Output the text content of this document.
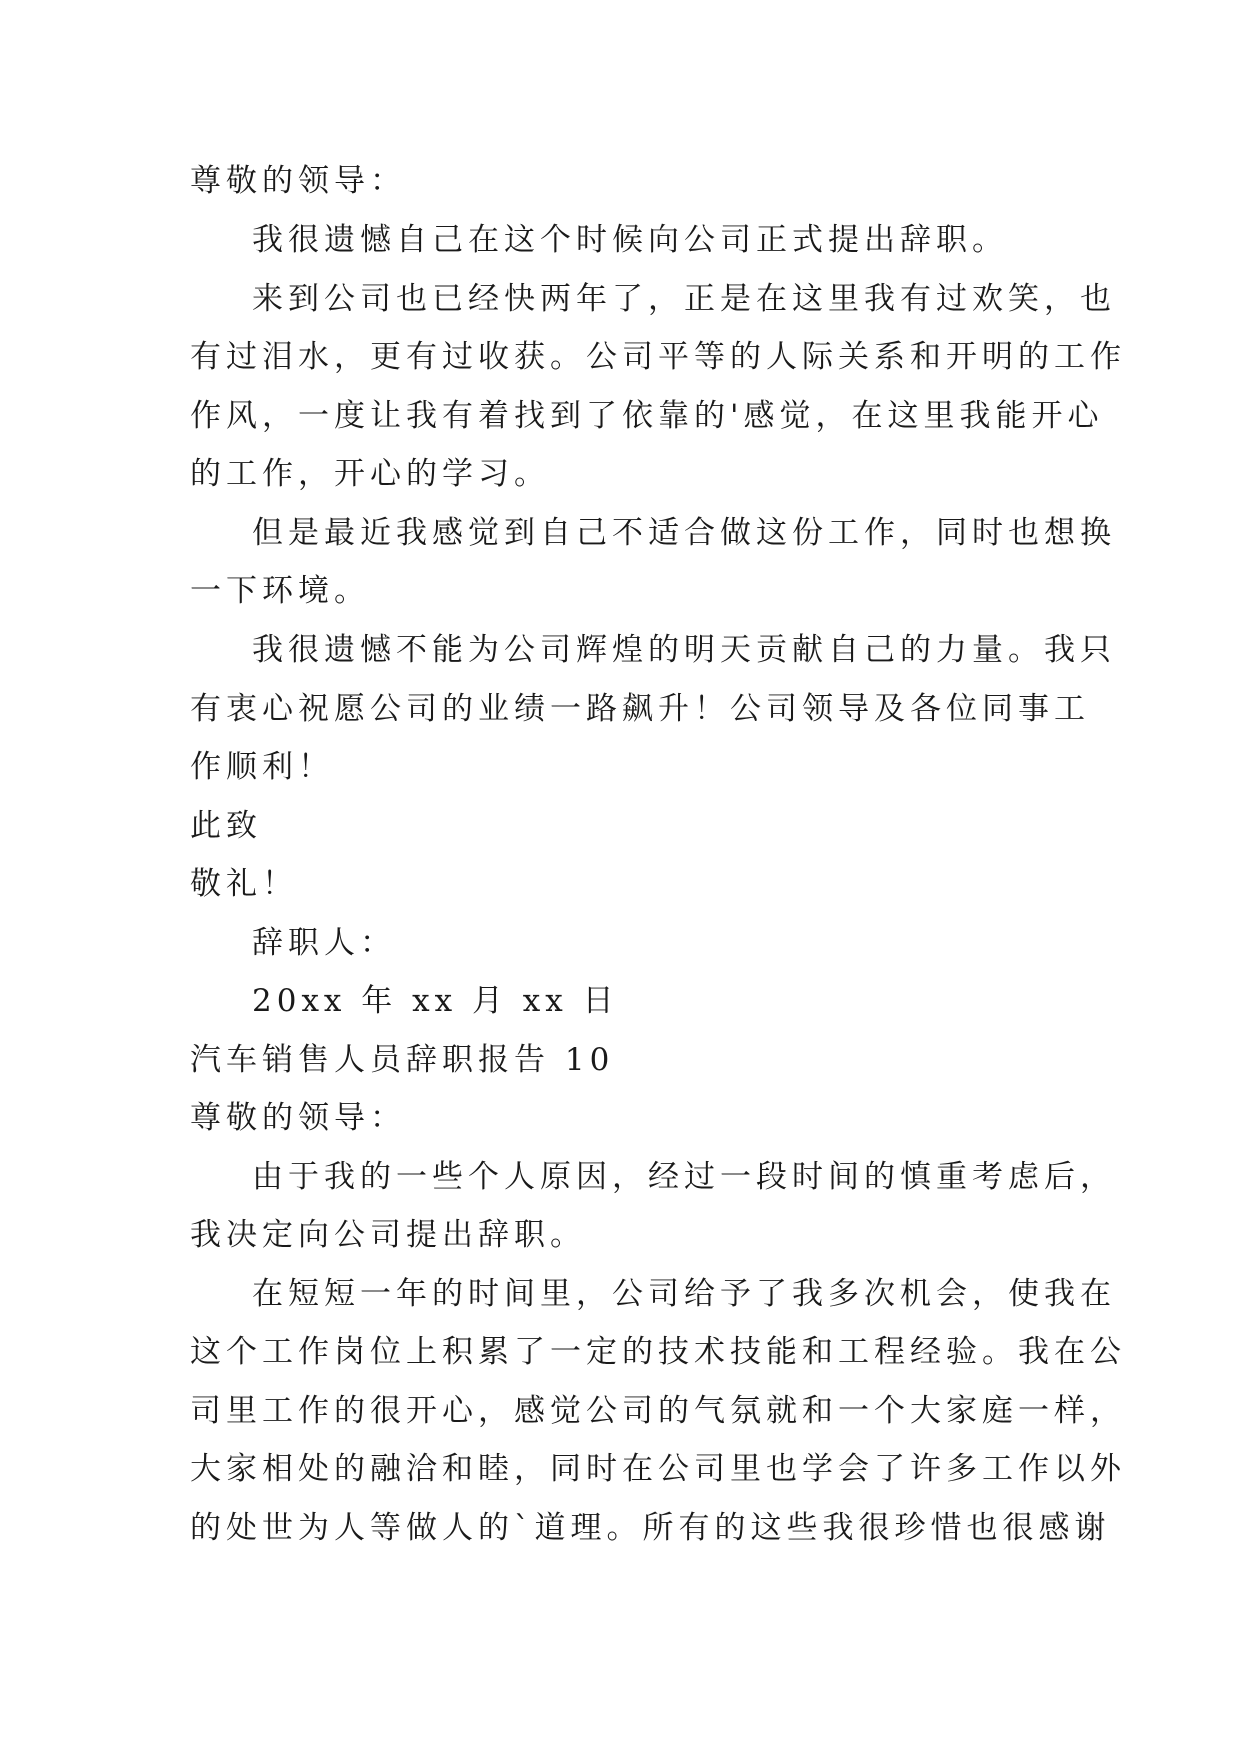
尊敬的领导：
我很遗憾自己在这个时候向公司正式提出辞职。
来到公司也已经快两年了，正是在这里我有过欢笑，也
有过泪水，更有过收获。公司平等的人际关系和开明的工作
作风，一度让我有着找到了依靠的'感觉，在这里我能开心
的工作，开心的学习。
但是最近我感觉到自己不适合做这份工作，同时也想换
一下环境。
我很遗憾不能为公司辉煌的明天贡献自己的力量。我只
有衷心祝愿公司的业绩一路飙升！公司领导及各位同事工
作顺利！
此致
敬礼！
辞职人：
20xx 年 xx 月 xx 日
汽车销售人员辞职报告 10
尊敬的领导：
由于我的一些个人原因，经过一段时间的慎重考虑后，
我决定向公司提出辞职。
在短短一年的时间里，公司给予了我多次机会，使我在
这个工作岗位上积累了一定的技术技能和工程经验。我在公
司里工作的很开心，感觉公司的气氛就和一个大家庭一样，
大家相处的融洽和睦，同时在公司里也学会了许多工作以外
的处世为人等做人的`道理。所有的这些我很珍惜也很感谢
